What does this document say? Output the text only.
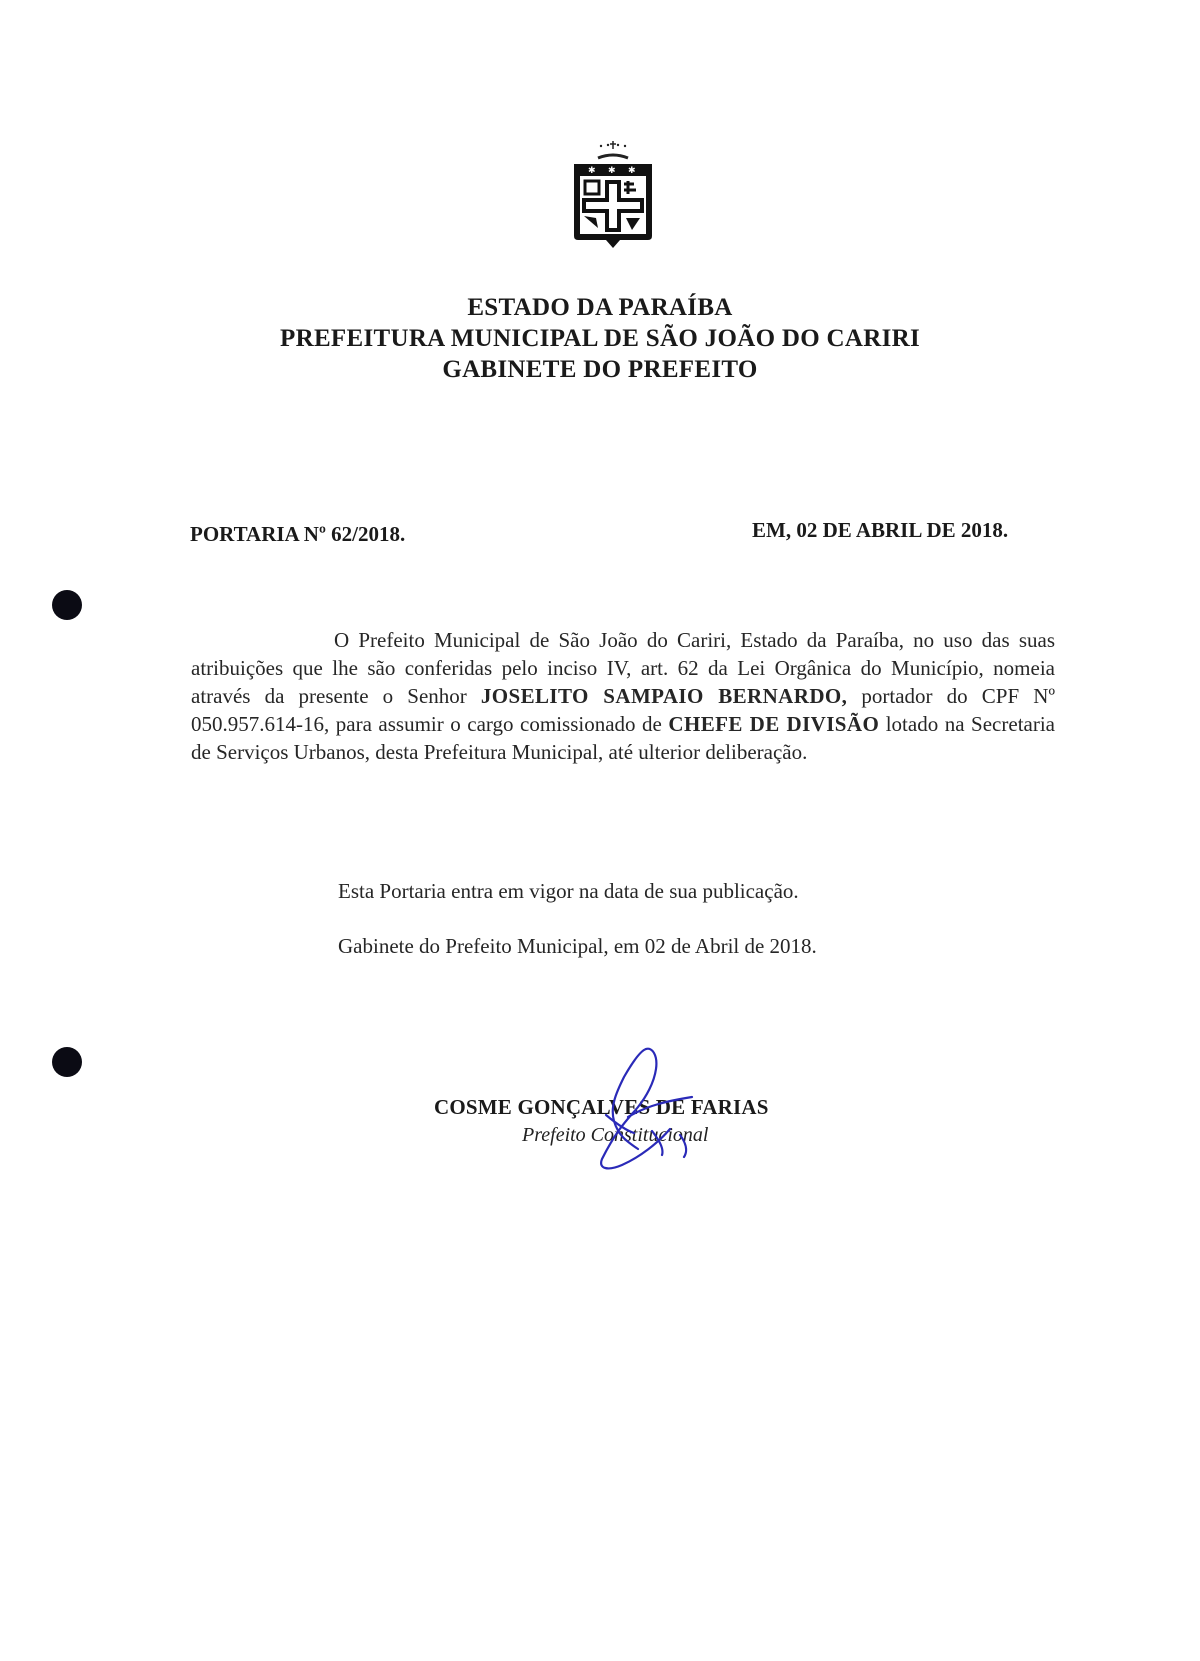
✱ ✱ ✱
ESTADO DA PARAÍBA
PREFEITURA MUNICIPAL DE SÃO JOÃO DO CARIRI
GABINETE DO PREFEITO
PORTARIA Nº 62/2018.	EM, 02 DE ABRIL DE 2018.

O Prefeito Municipal de São João do Cariri, Estado da Paraíba, no uso das suas atribuições que lhe são conferidas pelo inciso IV, art. 62 da Lei Orgânica do Município, nomeia através da presente o Senhor JOSELITO SAMPAIO BERNARDO, portador do CPF Nº 050.957.614-16, para assumir o cargo comissionado de CHEFE DE DIVISÃO lotado na Secretaria de Serviços Urbanos, desta Prefeitura Municipal, até ulterior deliberação.

Esta Portaria entra em vigor na data de sua publicação.
Gabinete do Prefeito Municipal, em 02 de Abril de 2018.
COSME GONÇALVES DE FARIAS
Prefeito Constitucional
